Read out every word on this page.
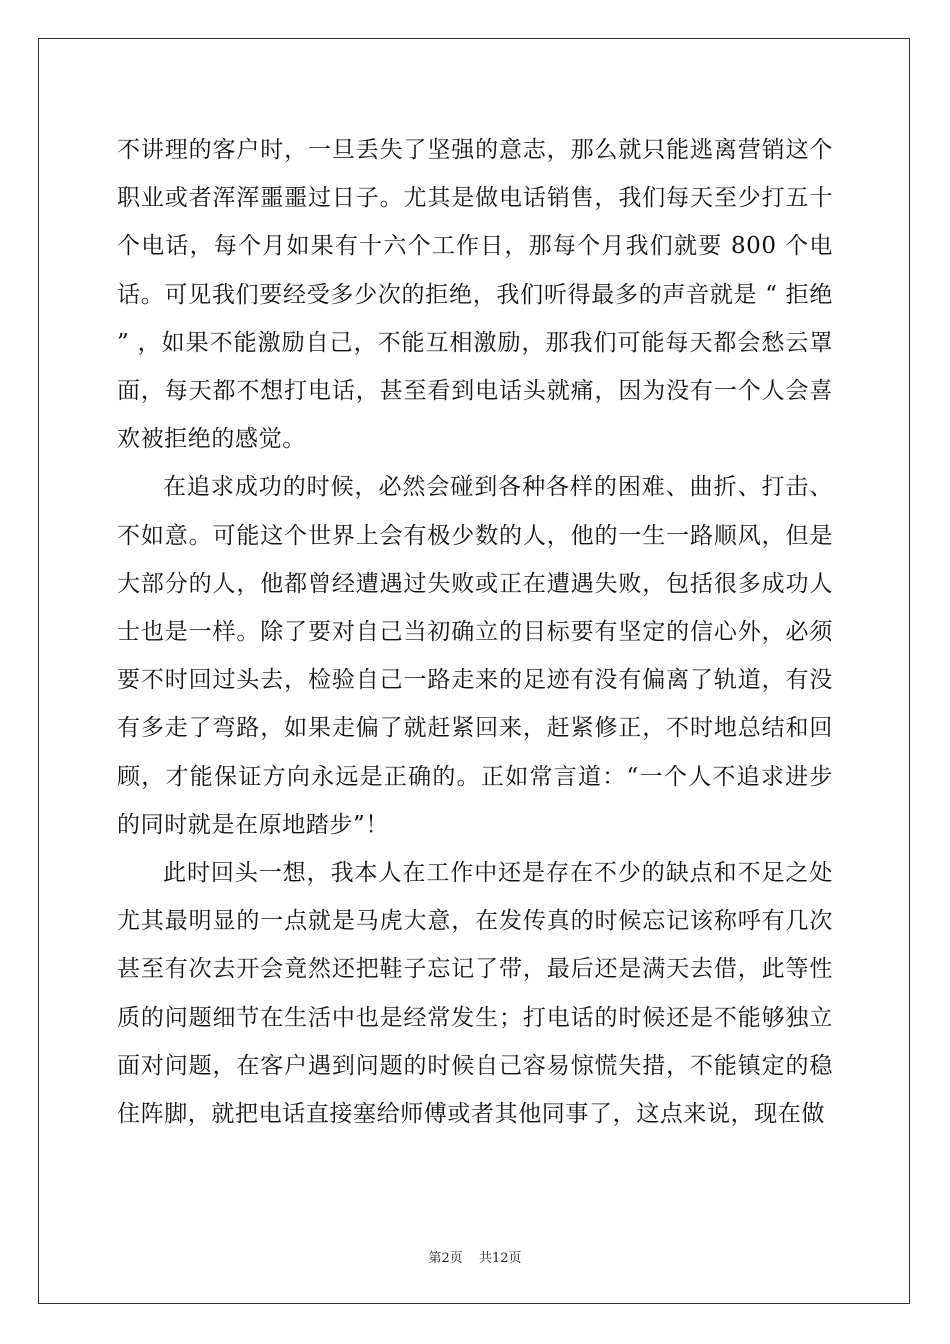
不讲理的客户时，一旦丢失了坚强的意志，那么就只能逃离营销这个职业或者浑浑噩噩过日子。尤其是做电话销售，我们每天至少打五十个电话，每个月如果有十六个工作日，那每个月我们就要 800 个电话。可见我们要经受多少次的拒绝，我们听得最多的声音就是 “ 拒绝 ” ，如果不能激励自己，不能互相激励，那我们可能每天都会愁云罩面，每天都不想打电话，甚至看到电话头就痛，因为没有一个人会喜欢被拒绝的感觉。

在追求成功的时候，必然会碰到各种各样的困难、曲折、打击、不如意。可能这个世界上会有极少数的人，他的一生一路顺风，但是大部分的人，他都曾经遭遇过失败或正在遭遇失败，包括很多成功人士也是一样。除了要对自己当初确立的目标要有坚定的信心外，必须要不时回过头去，检验自己一路走来的足迹有没有偏离了轨道，有没有多走了弯路，如果走偏了就赶紧回来，赶紧修正，不时地总结和回顾，才能保证方向永远是正确的。正如常言道：“一个人不追求进步的同时就是在原地踏步”！

此时回头一想，我本人在工作中还是存在不少的缺点和不足之处尤其最明显的一点就是马虎大意，在发传真的时候忘记该称呼有几次甚至有次去开会竟然还把鞋子忘记了带，最后还是满天去借，此等性质的问题细节在生活中也是经常发生；打电话的时候还是不能够独立面对问题，在客户遇到问题的时候自己容易惊慌失措，不能镇定的稳住阵脚，就把电话直接塞给师傅或者其他同事了，这点来说，现在做

第2页 共12页
